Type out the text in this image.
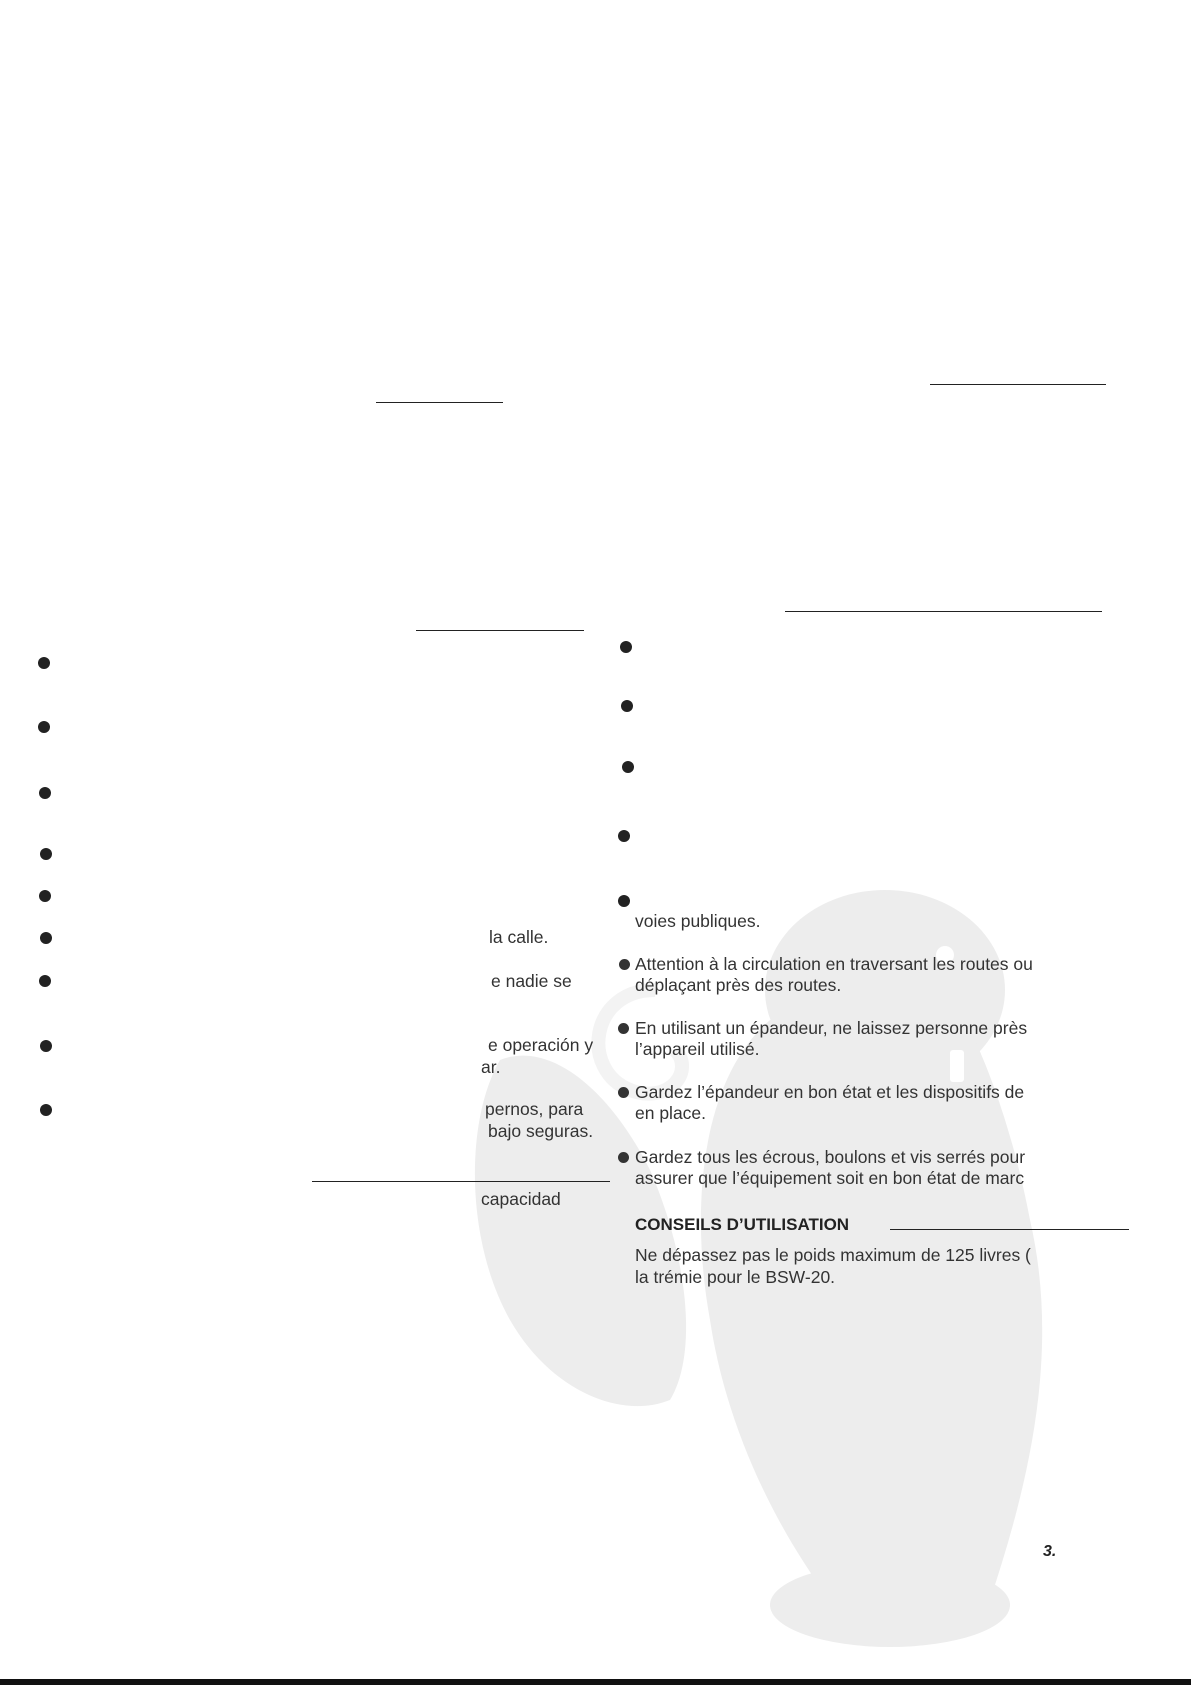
la calle.
e nadie se
e operación y
ar.
pernos, para
bajo seguras.
capacidad
voies publiques.
Attention à la circulation en traversant les routes ou
déplaçant près des routes.
En utilisant un épandeur, ne laissez personne près
l’appareil utilisé.
Gardez l’épandeur en bon état et les dispositifs de
en place.
Gardez tous les écrous, boulons et vis serrés pour
assurer que l’équipement soit en bon état de marc
CONSEILS D’UTILISATION
Ne dépassez pas le poids maximum de 125 livres (
la trémie pour le BSW-20.
3.
